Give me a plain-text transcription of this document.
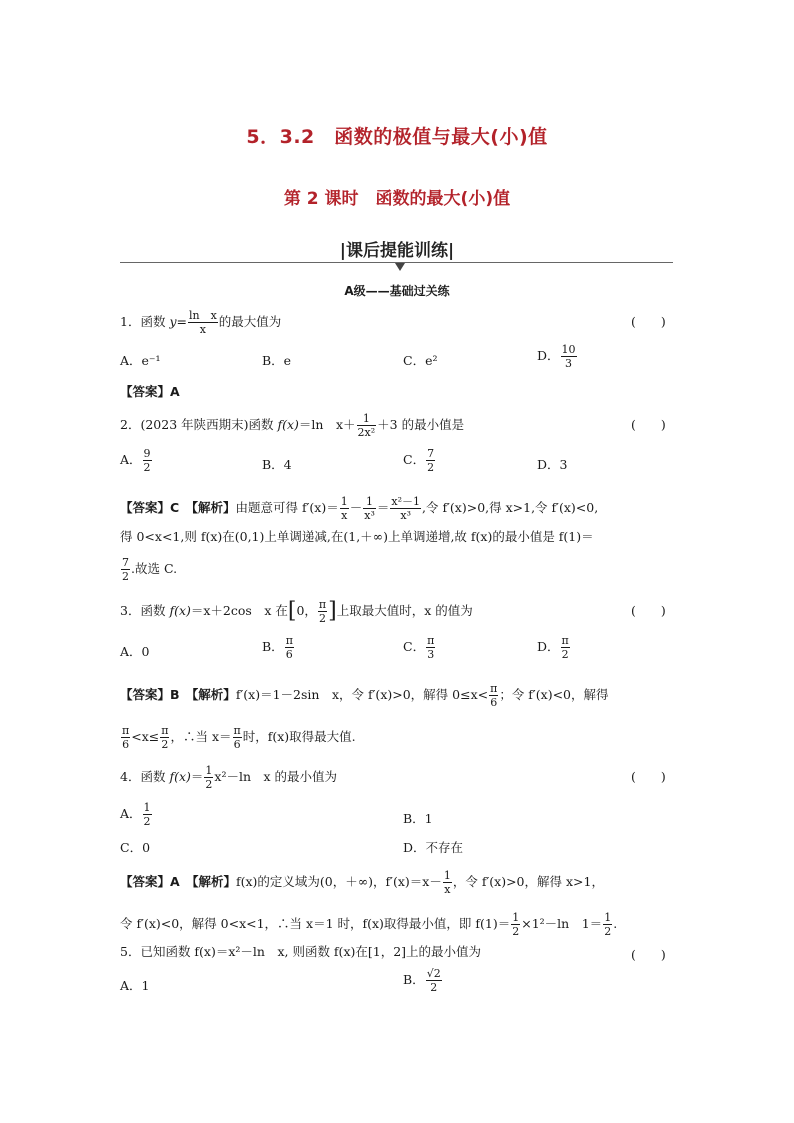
5．3.2　函数的极值与最大(小)值
第 2 课时　函数的最大(小)值
|课后提能训练|
A级——基础过关练
1．函数 $y= \frac{\text{ln　x}}{x}$ 的最大值为	(　　)
A．e⁻¹	B．e	C．e²	D． $\frac{10}{3}$
【答案】A
2．(2023 年陕西期末)函数 f(x)＝ln　$x+ \frac{1}{\text{2x²}} +3$ 的最小值是	(　　)
A． $\frac{9}{2}$	B．4	C． $\frac{7}{2}$	D．3
【答案】C　 【解析】由题意可得 $f'(x)= \frac{1}{x} - \frac{1}{\text{x³}} = \frac{\text{x²－1}}{\text{x³}}$ ,令 f′(x)>0,得 x>1,令 f′(x)<0,
得 0<x<1,则 f(x)在(0,1)上单调递减,在(1,＋∞)上单调递增,故 f(x)的最小值是 f(1)＝
$\frac{7}{2}$ .故选 C.
3．函数 f(x)＝x＋2cos　x 在[0， $\frac{\pi}{2}$ ]上取最大值时，x 的值为	(　　)
A．0	B． $\frac{\pi}{6}$	C． $\frac{\pi}{3}$	D． $\frac{\pi}{2}$
【答案】B　 【解析】f′(x)＝1－2sin　x，令 f′(x)>0，解得 $0\le x< \frac{\pi}{6}$ ；令 f′(x)<0，解得
$\frac{\pi}{6} <x\le \frac{\pi}{2}$ ，∴当 $x= \frac{\pi}{6}$ 时，f(x)取得最大值.
4．函数 $f(x)= \frac{1}{2} x^2-\ln$　x 的最小值为	(　　)
A． $\frac{1}{2}$	B．1
C．0	D．不存在
【答案】A　 【解析】f(x)的定义域为(0，＋∞)，$f'(x)=x- \frac{1}{x}$ ，令 f′(x)>0，解得 x>1，
令 f′(x)<0，解得 0<x<1，∴当 x＝1 时，f(x)取得最小值，即 $f(1)= \frac{1}{2} \times 1^2-\ln$　$1= \frac{1}{2}$ .
5．已知函数 f(x)＝x²－ln　x, 则函数 f(x)在[1，2]上的最小值为	(　　)
A．1	B． $\frac{√2}{2}$
